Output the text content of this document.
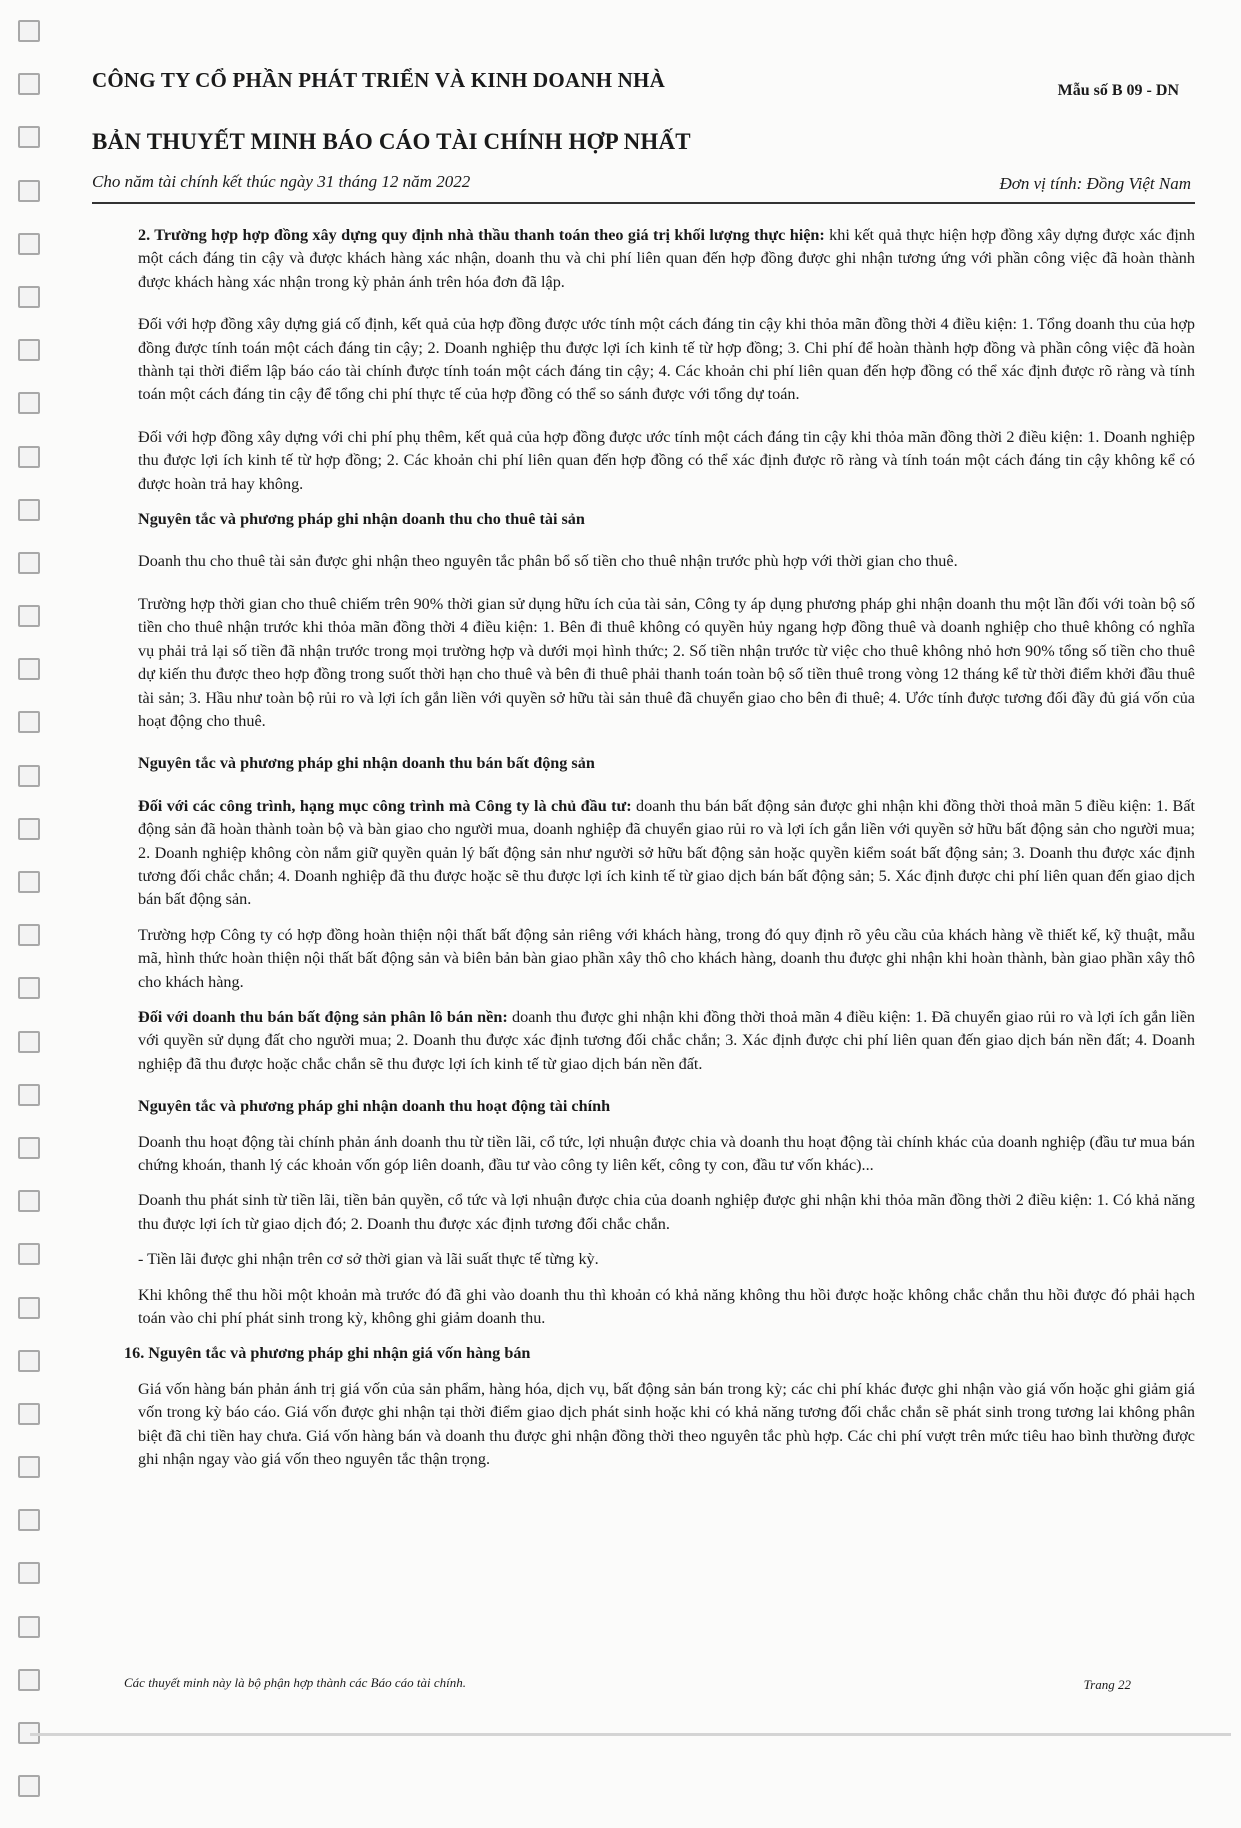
CÔNG TY CỔ PHẦN PHÁT TRIỂN VÀ KINH DOANH NHÀ	Mẫu số B 09 - DN
BẢN THUYẾT MINH BÁO CÁO TÀI CHÍNH HỢP NHẤT
Cho năm tài chính kết thúc ngày 31 tháng 12 năm 2022	Đơn vị tính: Đồng Việt Nam

2. Trường hợp hợp đồng xây dựng quy định nhà thầu thanh toán theo giá trị khối lượng thực hiện: khi kết quả thực hiện hợp đồng xây dựng được xác định một cách đáng tin cậy và được khách hàng xác nhận, doanh thu và chi phí liên quan đến hợp đồng được ghi nhận tương ứng với phần công việc đã hoàn thành được khách hàng xác nhận trong kỳ phản ánh trên hóa đơn đã lập.

Đối với hợp đồng xây dựng giá cố định, kết quả của hợp đồng được ước tính một cách đáng tin cậy khi thỏa mãn đồng thời 4 điều kiện: 1. Tổng doanh thu của hợp đồng được tính toán một cách đáng tin cậy; 2. Doanh nghiệp thu được lợi ích kinh tế từ hợp đồng; 3. Chi phí để hoàn thành hợp đồng và phần công việc đã hoàn thành tại thời điểm lập báo cáo tài chính được tính toán một cách đáng tin cậy; 4. Các khoản chi phí liên quan đến hợp đồng có thể xác định được rõ ràng và tính toán một cách đáng tin cậy để tổng chi phí thực tế của hợp đồng có thể so sánh được với tổng dự toán.

Đối với hợp đồng xây dựng với chi phí phụ thêm, kết quả của hợp đồng được ước tính một cách đáng tin cậy khi thỏa mãn đồng thời 2 điều kiện: 1. Doanh nghiệp thu được lợi ích kinh tế từ hợp đồng; 2. Các khoản chi phí liên quan đến hợp đồng có thể xác định được rõ ràng và tính toán một cách đáng tin cậy không kể có được hoàn trả hay không.

Nguyên tắc và phương pháp ghi nhận doanh thu cho thuê tài sản

Doanh thu cho thuê tài sản được ghi nhận theo nguyên tắc phân bổ số tiền cho thuê nhận trước phù hợp với thời gian cho thuê.

Trường hợp thời gian cho thuê chiếm trên 90% thời gian sử dụng hữu ích của tài sản, Công ty áp dụng phương pháp ghi nhận doanh thu một lần đối với toàn bộ số tiền cho thuê nhận trước khi thỏa mãn đồng thời 4 điều kiện: 1. Bên đi thuê không có quyền hủy ngang hợp đồng thuê và doanh nghiệp cho thuê không có nghĩa vụ phải trả lại số tiền đã nhận trước trong mọi trường hợp và dưới mọi hình thức; 2. Số tiền nhận trước từ việc cho thuê không nhỏ hơn 90% tổng số tiền cho thuê dự kiến thu được theo hợp đồng trong suốt thời hạn cho thuê và bên đi thuê phải thanh toán toàn bộ số tiền thuê trong vòng 12 tháng kể từ thời điểm khởi đầu thuê tài sản; 3. Hầu như toàn bộ rủi ro và lợi ích gắn liền với quyền sở hữu tài sản thuê đã chuyển giao cho bên đi thuê; 4. Ước tính được tương đối đầy đủ giá vốn của hoạt động cho thuê.

Nguyên tắc và phương pháp ghi nhận doanh thu bán bất động sản

Đối với các công trình, hạng mục công trình mà Công ty là chủ đầu tư: doanh thu bán bất động sản được ghi nhận khi đồng thời thoả mãn 5 điều kiện: 1. Bất động sản đã hoàn thành toàn bộ và bàn giao cho người mua, doanh nghiệp đã chuyển giao rủi ro và lợi ích gắn liền với quyền sở hữu bất động sản cho người mua; 2. Doanh nghiệp không còn nắm giữ quyền quản lý bất động sản như người sở hữu bất động sản hoặc quyền kiểm soát bất động sản; 3. Doanh thu được xác định tương đối chắc chắn; 4. Doanh nghiệp đã thu được hoặc sẽ thu được lợi ích kinh tế từ giao dịch bán bất động sản; 5. Xác định được chi phí liên quan đến giao dịch bán bất động sản.

Trường hợp Công ty có hợp đồng hoàn thiện nội thất bất động sản riêng với khách hàng, trong đó quy định rõ yêu cầu của khách hàng về thiết kế, kỹ thuật, mẫu mã, hình thức hoàn thiện nội thất bất động sản và biên bản bàn giao phần xây thô cho khách hàng, doanh thu được ghi nhận khi hoàn thành, bàn giao phần xây thô cho khách hàng.

Đối với doanh thu bán bất động sản phân lô bán nền: doanh thu được ghi nhận khi đồng thời thoả mãn 4 điều kiện: 1. Đã chuyển giao rủi ro và lợi ích gắn liền với quyền sử dụng đất cho người mua; 2. Doanh thu được xác định tương đối chắc chắn; 3. Xác định được chi phí liên quan đến giao dịch bán nền đất; 4. Doanh nghiệp đã thu được hoặc chắc chắn sẽ thu được lợi ích kinh tế từ giao dịch bán nền đất.

Nguyên tắc và phương pháp ghi nhận doanh thu hoạt động tài chính

Doanh thu hoạt động tài chính phản ánh doanh thu từ tiền lãi, cổ tức, lợi nhuận được chia và doanh thu hoạt động tài chính khác của doanh nghiệp (đầu tư mua bán chứng khoán, thanh lý các khoản vốn góp liên doanh, đầu tư vào công ty liên kết, công ty con, đầu tư vốn khác)...

Doanh thu phát sinh từ tiền lãi, tiền bản quyền, cổ tức và lợi nhuận được chia của doanh nghiệp được ghi nhận khi thỏa mãn đồng thời 2 điều kiện: 1. Có khả năng thu được lợi ích từ giao dịch đó; 2. Doanh thu được xác định tương đối chắc chắn.

- Tiền lãi được ghi nhận trên cơ sở thời gian và lãi suất thực tế từng kỳ.

Khi không thể thu hồi một khoản mà trước đó đã ghi vào doanh thu thì khoản có khả năng không thu hồi được hoặc không chắc chắn thu hồi được đó phải hạch toán vào chi phí phát sinh trong kỳ, không ghi giảm doanh thu.

16. Nguyên tắc và phương pháp ghi nhận giá vốn hàng bán

Giá vốn hàng bán phản ánh trị giá vốn của sản phẩm, hàng hóa, dịch vụ, bất động sản bán trong kỳ; các chi phí khác được ghi nhận vào giá vốn hoặc ghi giảm giá vốn trong kỳ báo cáo. Giá vốn được ghi nhận tại thời điểm giao dịch phát sinh hoặc khi có khả năng tương đối chắc chắn sẽ phát sinh trong tương lai không phân biệt đã chi tiền hay chưa. Giá vốn hàng bán và doanh thu được ghi nhận đồng thời theo nguyên tắc phù hợp. Các chi phí vượt trên mức tiêu hao bình thường được ghi nhận ngay vào giá vốn theo nguyên tắc thận trọng.

Các thuyết minh này là bộ phận hợp thành các Báo cáo tài chính.	Trang 22
